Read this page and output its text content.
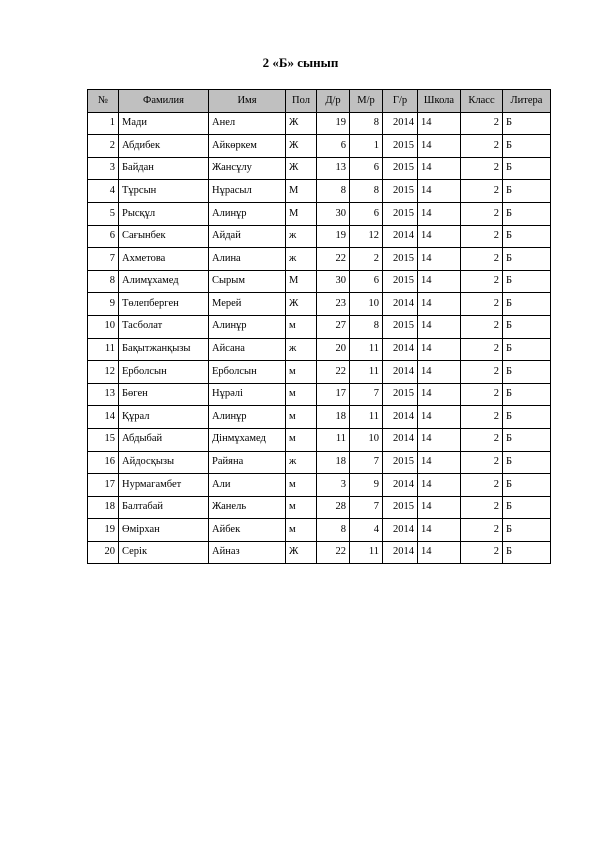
2 «Б» сынып
№	Фамилия	Имя	Пол	Д/р	М/р	Г/р	Школа	Класс	Литера
1	Мади	Анел	Ж	19	8	2014	14	2	Б
2	Абдибек	Айкөркем	Ж	6	1	2015	14	2	Б
3	Байдан	Жансұлу	Ж	13	6	2015	14	2	Б
4	Тұрсын	Нұрасыл	М	8	8	2015	14	2	Б
5	Рысқұл	Алинұр	М	30	6	2015	14	2	Б
6	Сағынбек	Айдай	ж	19	12	2014	14	2	Б
7	Ахметова	Алина	ж	22	2	2015	14	2	Б
8	Алимұхамед	Сырым	М	30	6	2015	14	2	Б
9	Төлепберген	Мерей	Ж	23	10	2014	14	2	Б
10	Тасболат	Алинұр	м	27	8	2015	14	2	Б
11	Бақытжанқызы	Айсана	ж	20	11	2014	14	2	Б
12	Ерболсын	Ерболсын	м	22	11	2014	14	2	Б
13	Бөген	Нұрәлі	м	17	7	2015	14	2	Б
14	Құрал	Алинұр	м	18	11	2014	14	2	Б
15	Абдыбай	Дінмұхамед	м	11	10	2014	14	2	Б
16	Айдосқызы	Райяна	ж	18	7	2015	14	2	Б
17	Нурмагамбет	Али	м	3	9	2014	14	2	Б
18	Балтабай	Жанель	м	28	7	2015	14	2	Б
19	Өмірхан	Айбек	м	8	4	2014	14	2	Б
20	Серік	Айназ	Ж	22	11	2014	14	2	Б
